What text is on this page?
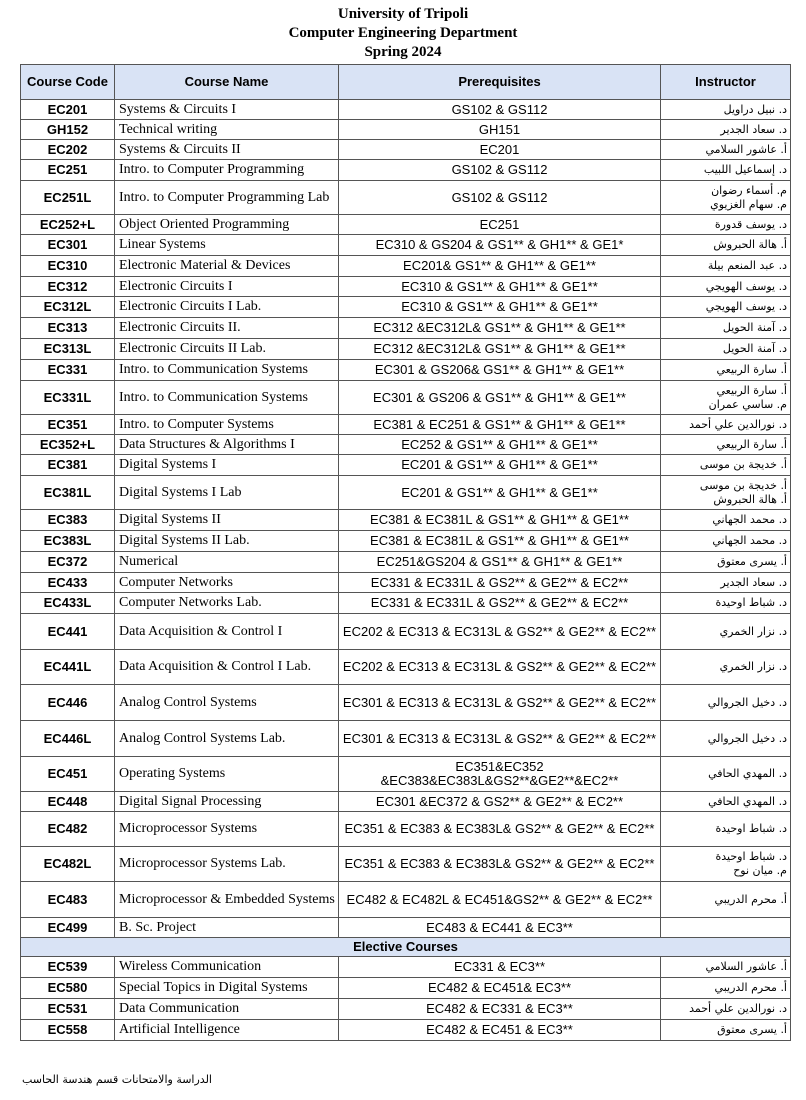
University of Tripoli
Computer Engineering Department
Spring 2024
Course Code	Course Name	Prerequisites	Instructor
EC201	Systems & Circuits I	GS102 & GS112	د. نبيل دراويل

GH152	Technical writing	GH151	د. سعاد الجدير

EC202	Systems & Circuits II	EC201	أ. عاشور السلامي

EC251	Intro. to Computer Programming	GS102 & GS112	د. إسماعيل اللبيب

EC251L	Intro. to Computer Programming Lab	GS102 & GS112	م. أسماء رضوان
م. سهام الغزيوي

EC252+L	Object Oriented Programming	EC251	د. يوسف قدورة

EC301	Linear Systems	EC310 & GS204 & GS1** & GH1** & GE1*	أ. هالة الحبروش

EC310	Electronic Material & Devices	EC201& GS1** & GH1** & GE1**	د. عبد المنعم بيلة

EC312	Electronic Circuits I	EC310 & GS1** & GH1** & GE1**	د. يوسف الهويجي

EC312L	Electronic Circuits I Lab.	EC310 & GS1** & GH1** & GE1**	د. يوسف الهويجي

EC313	Electronic Circuits II.	EC312 &EC312L& GS1** & GH1** & GE1**	د. آمنة الحويل

EC313L	Electronic Circuits II Lab.	EC312 &EC312L& GS1** & GH1** & GE1**	د. آمنة الحويل

EC331	Intro. to Communication Systems	EC301 & GS206& GS1** & GH1** & GE1**	أ. سارة الربيعي

EC331L	Intro. to Communication Systems	EC301 & GS206 & GS1** & GH1** & GE1**	أ. سارة الربيعي
م. ساسي عمران

EC351	Intro. to Computer Systems	EC381 & EC251 & GS1** & GH1** & GE1**	د. نورالدين علي أحمد

EC352+L	Data Structures & Algorithms I	EC252 & GS1** & GH1** & GE1**	أ. سارة الربيعي

EC381	Digital Systems I	EC201 & GS1** & GH1** & GE1**	أ. خديجة بن موسى

EC381L	Digital Systems I Lab	EC201 & GS1** & GH1** & GE1**	أ. خديجة بن موسى
أ. هالة الحبروش

EC383	Digital Systems II	EC381 & EC381L & GS1** & GH1** & GE1**	د. محمد الجهاني

EC383L	Digital Systems II Lab.	EC381 & EC381L & GS1** & GH1** & GE1**	د. محمد الجهاني

EC372	Numerical	EC251&GS204 & GS1** & GH1** & GE1**	أ. يسرى معتوق

EC433	Computer Networks	EC331 & EC331L & GS2** & GE2** & EC2**	د. سعاد الجدير

EC433L	Computer Networks Lab.	EC331 & EC331L & GS2** & GE2** & EC2**	د. شباط اوحيدة

EC441	Data Acquisition & Control I	EC202 & EC313 & EC313L & GS2** & GE2** & EC2**	د. نزار الخمري

EC441L	Data Acquisition & Control I Lab.	EC202 & EC313 & EC313L & GS2** & GE2** & EC2**	د. نزار الخمري

EC446	Analog Control Systems	EC301 & EC313 & EC313L & GS2** & GE2** & EC2**	د. دخيل الجروالي

EC446L	Analog Control Systems Lab.	EC301 & EC313 & EC313L & GS2** & GE2** & EC2**	د. دخيل الجروالي

EC451	Operating Systems	EC351&EC352 &EC383&EC383L&GS2**&GE2**&EC2**	د. المهدي الحافي

EC448	Digital Signal Processing	EC301 &EC372 & GS2** & GE2** & EC2**	د. المهدي الحافي

EC482	Microprocessor Systems	EC351 & EC383 & EC383L& GS2** & GE2** & EC2**	د. شباط اوحيدة

EC482L	Microprocessor Systems Lab.	EC351 & EC383 & EC383L& GS2** & GE2** & EC2**	د. شباط اوحيدة
م. ميان نوح

EC483	Microprocessor & Embedded Systems	EC482 & EC482L & EC451&GS2** & GE2** & EC2**	أ. محرم الدريبي

EC499	B. Sc. Project	EC483 & EC441 & EC3**	
Elective Courses			
EC539	Wireless Communication	EC331 & EC3**	أ. عاشور السلامي

EC580	Special Topics in Digital Systems	EC482 & EC451& EC3**	أ. محرم الدريبي

EC531	Data Communication	EC482 & EC331 & EC3**	د. نورالدين علي أحمد

EC558	Artificial Intelligence	EC482 & EC451 & EC3**	أ. يسرى معتوق
الدراسة والامتحانات قسم هندسة الحاسب
